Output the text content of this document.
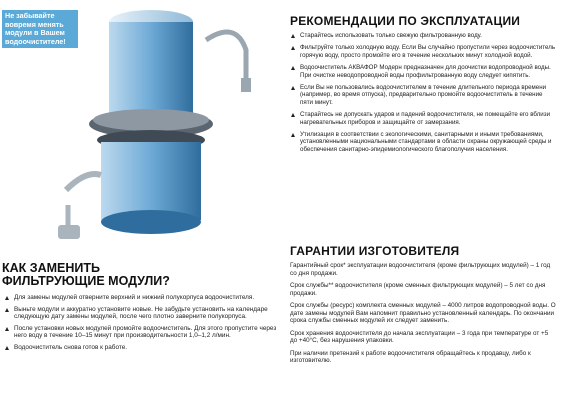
Не забывайте вовремя менять модули в Вашем водоочистителе!
КАК ЗАМЕНИТЬ
ФИЛЬТРУЮЩИЕ МОДУЛИ?
Для замены модулей отверните верхний и нижний полукорпуса водоочистителя.
Выньте модули и аккуратно установите новые. Не забудьте установить на календаре следующую дату замены модулей, после чего плотно заверните полукорпуса.
После установки новых модулей промойте водоочиститель. Для этого пропустите через него воду в течение 10–15 минут при производительности 1,0–1,2 л/мин.
Водоочиститель снова готов к работе.
РЕКОМЕНДАЦИИ ПО ЭКСПЛУАТАЦИИ
Старайтесь использовать только свежую фильтрованную воду.
Фильтруйте только холодную воду. Если Вы случайно пропустили через водоочиститель горячую воду, просто промойте его в течение нескольких минут холодной водой.
Водоочиститель АКВАФОР Модерн предназначен для доочистки водопроводной воды. При очистке неводопроводной воды профильтрованную воду следует кипятить.
Если Вы не пользовались водоочистителем в течение длительного периода времени (например, во время отпуска), предварительно промойте водоочиститель в течение пяти минут.
Старайтесь не допускать ударов и падений водоочистителя, не помещайте его вблизи нагревательных приборов и защищайте от замерзания.
Утилизация в соответствии с экологическими, санитарными и иными требованиями, установленными национальными стандартами в области охраны окружающей среды и обеспечения санитарно-эпидемиологического благополучия населения.
ГАРАНТИИ ИЗГОТОВИТЕЛЯ

Гарантийный срок* эксплуатации водоочистителя (кроме фильтрующих модулей) – 1 год со дня продажи.

Срок службы** водоочистителя (кроме сменных фильтрующих модулей) – 5 лет со дня продажи.

Срок службы (ресурс) комплекта сменных модулей – 4000 литров водопроводной воды. О дате замены модулей Вам напомнит правильно установленный календарь. По окончании срока службы сменных модулей их следует заменить.

Срок хранения водоочистителя до начала эксплуатации – 3 года при температуре от +5 до +40°С, без нарушения упаковки.

При наличии претензий к работе водоочистителя обращайтесь к продавцу, либо к изготовителю.
